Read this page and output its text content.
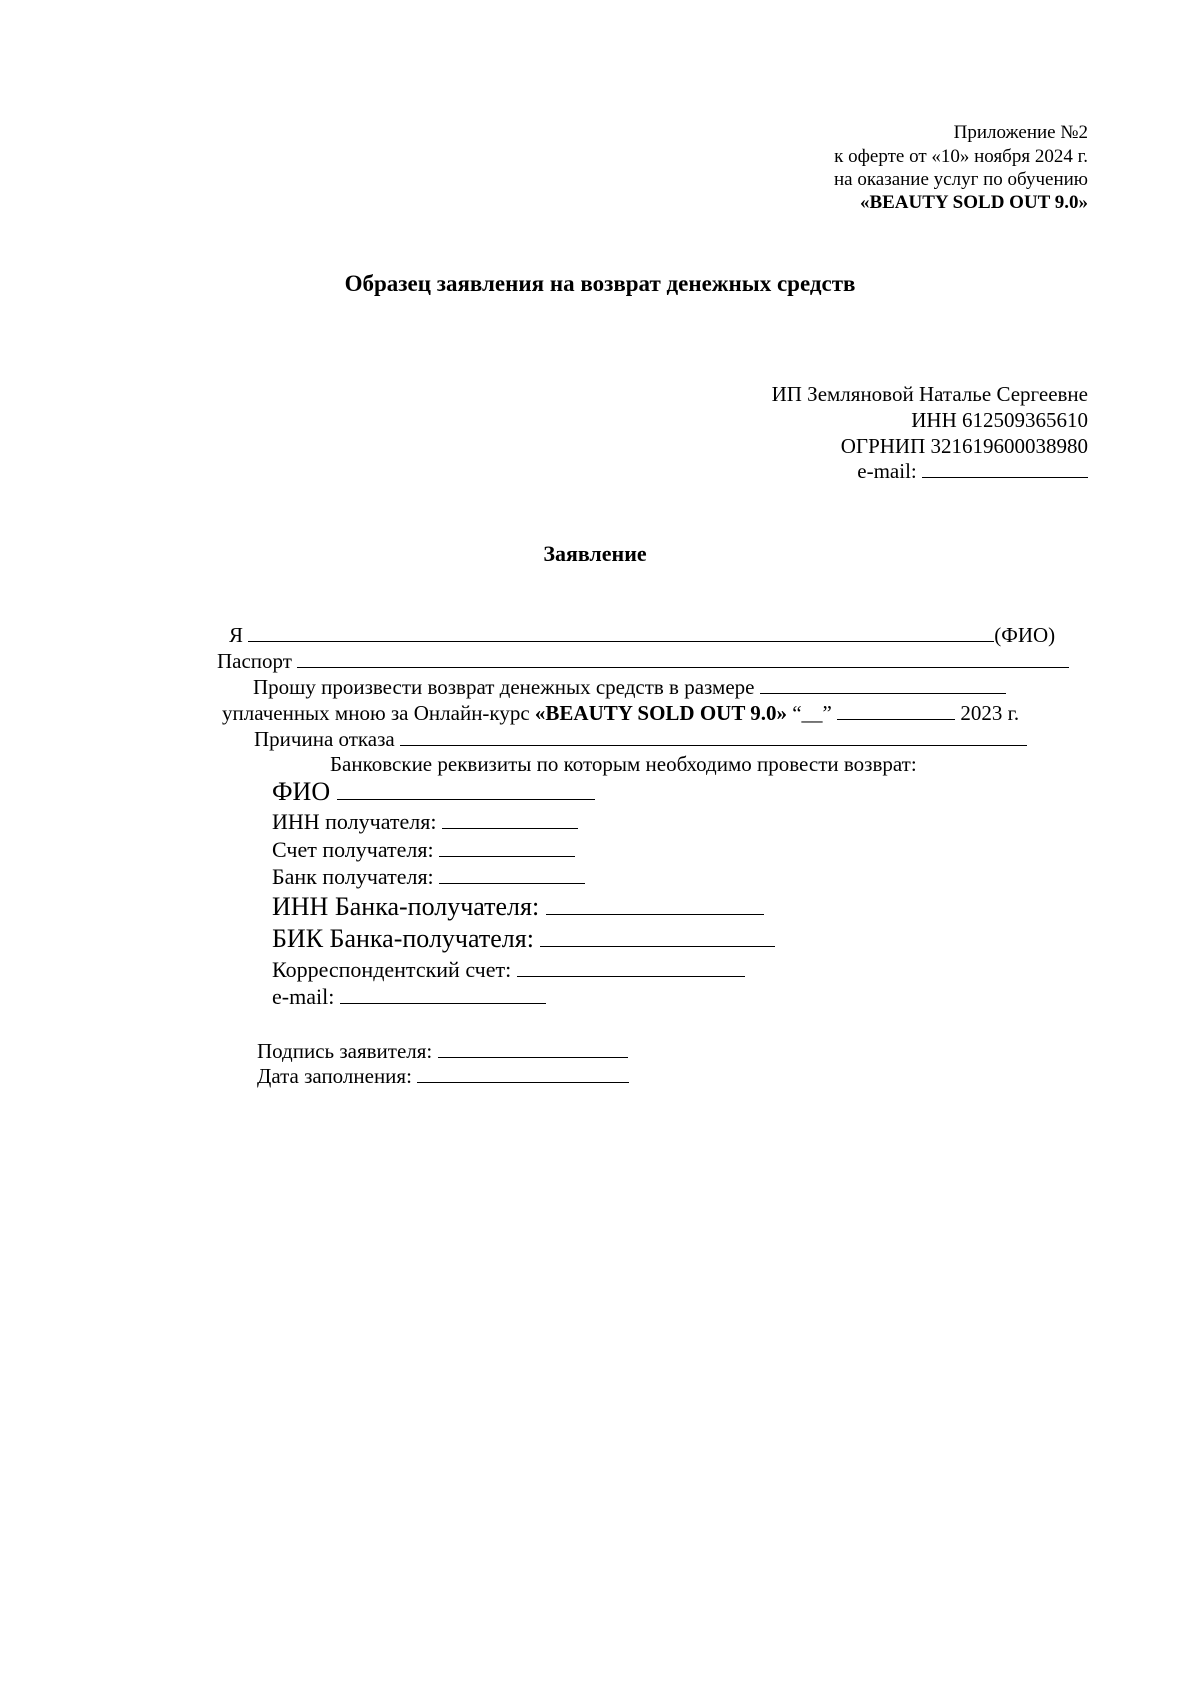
Приложение №2
к оферте от «10» ноября 2024 г.
на оказание услуг по обучению
«BEAUTY SOLD OUT 9.0»
Образец заявления на возврат денежных средств
ИП Земляновой Наталье Сергеевне
ИНН 612509365610
ОГРНИП 321619600038980
e-mail:
Заявление
Я	(ФИО)
Паспорт
Прошу произвести возврат денежных средств в размере
уплаченных мною за Онлайн-курс «BEAUTY SOLD OUT 9.0» “__”	2023 г.
Причина отказа
Банковские реквизиты по которым необходимо провести возврат:
ФИО
ИНН получателя:
Счет получателя:
Банк получателя:
ИНН Банка-получателя:
БИК Банка-получателя:
Корреспондентский счет:
e-mail:
Подпись заявителя:
Дата заполнения:
